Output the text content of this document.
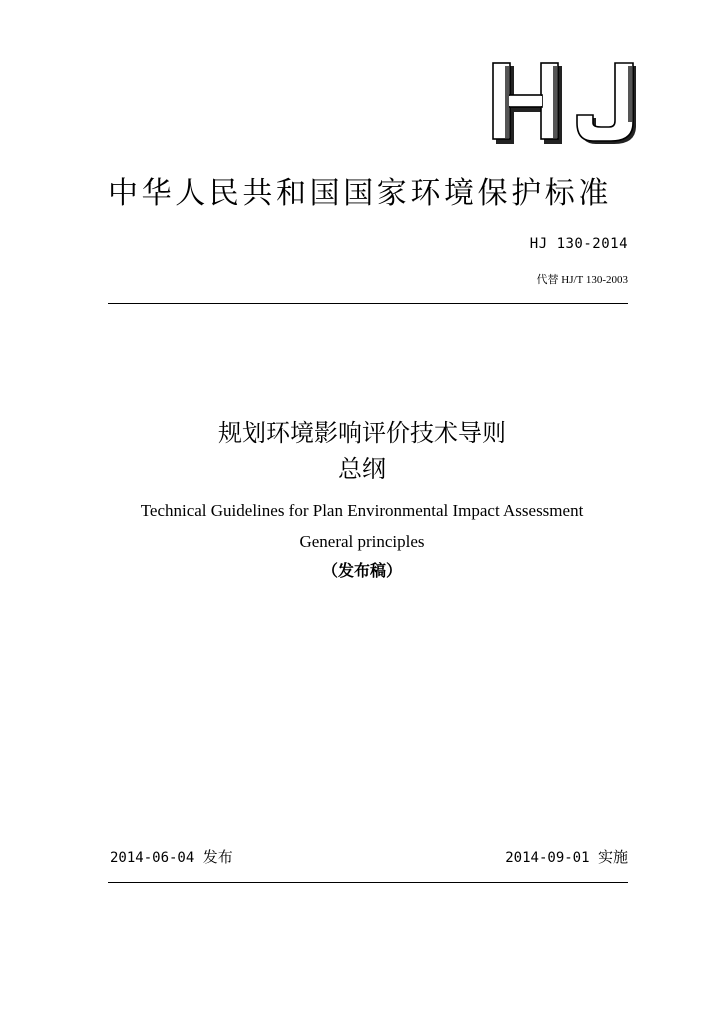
中华人民共和国国家环境保护标准
HJ 130-2014
代替 HJ/T 130-2003
规划环境影响评价技术导则
总纲
Technical Guidelines for Plan Environmental Impact Assessment
General principles
（发布稿）
2014-06-04 发布	2014-09-01 实施
